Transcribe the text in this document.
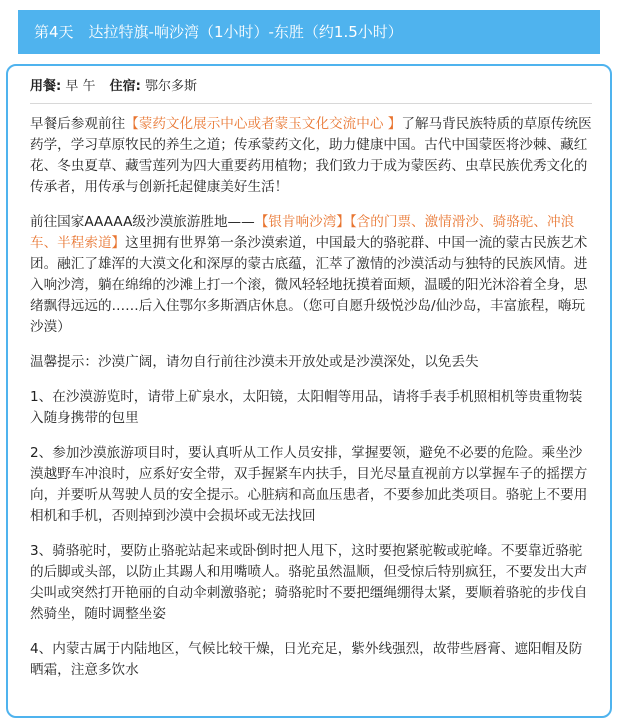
第4天　达拉特旗-响沙湾（1小时）-东胜（约1.5小时）
用餐: 早 午 住宿: 鄂尔多斯

早餐后参观前往【蒙药文化展示中心或者蒙玉文化交流中心 】了解马背民族特质的草原传统医药学，学习草原牧民的养生之道；传承蒙药文化，助力健康中国。古代中国蒙医将沙棘、藏红花、冬虫夏草、藏雪莲列为四大重要药用植物；我们致力于成为蒙医药、虫草民族优秀文化的传承者，用传承与创新托起健康美好生活！

前往国家AAAAA级沙漠旅游胜地——【银肯响沙湾】【含的门票、激情滑沙、骑骆驼、冲浪车、半程索道】这里拥有世界第一条沙漠索道，中国最大的骆驼群、中国一流的蒙古民族艺术团。融汇了雄浑的大漠文化和深厚的蒙古底蕴，汇萃了激情的沙漠活动与独特的民族风情。进入响沙湾，躺在绵绵的沙滩上打一个滚，微风轻轻地抚摸着面颊，温暖的阳光沐浴着全身，思绪飘得远远的……后入住鄂尔多斯酒店休息。（您可自愿升级悦沙岛/仙沙岛，丰富旅程，嗨玩沙漠）

温馨提示：沙漠广阔，请勿自行前往沙漠未开放处或是沙漠深处，以免丢失

1、在沙漠游览时，请带上矿泉水，太阳镜，太阳帽等用品，请将手表手机照相机等贵重物装入随身携带的包里

2、参加沙漠旅游项目时，要认真听从工作人员安排，掌握要领，避免不必要的危险。乘坐沙漠越野车冲浪时，应系好安全带，双手握紧车内扶手，目光尽量直视前方以掌握车子的摇摆方向，并要听从驾驶人员的安全提示。心脏病和高血压患者，不要参加此类项目。骆驼上不要用相机和手机，否则掉到沙漠中会损坏或无法找回

3、骑骆驼时，要防止骆驼站起来或卧倒时把人甩下，这时要抱紧驼鞍或驼峰。不要靠近骆驼的后脚或头部，以防止其踢人和用嘴喷人。骆驼虽然温顺，但受惊后特别疯狂，不要发出大声尖叫或突然打开艳丽的自动伞刺激骆驼；骑骆驼时不要把缰绳绷得太紧，要顺着骆驼的步伐自然骑坐，随时调整坐姿

4、内蒙古属于内陆地区，气候比较干燥，日光充足，紫外线强烈，故带些唇膏、遮阳帽及防晒霜，注意多饮水
